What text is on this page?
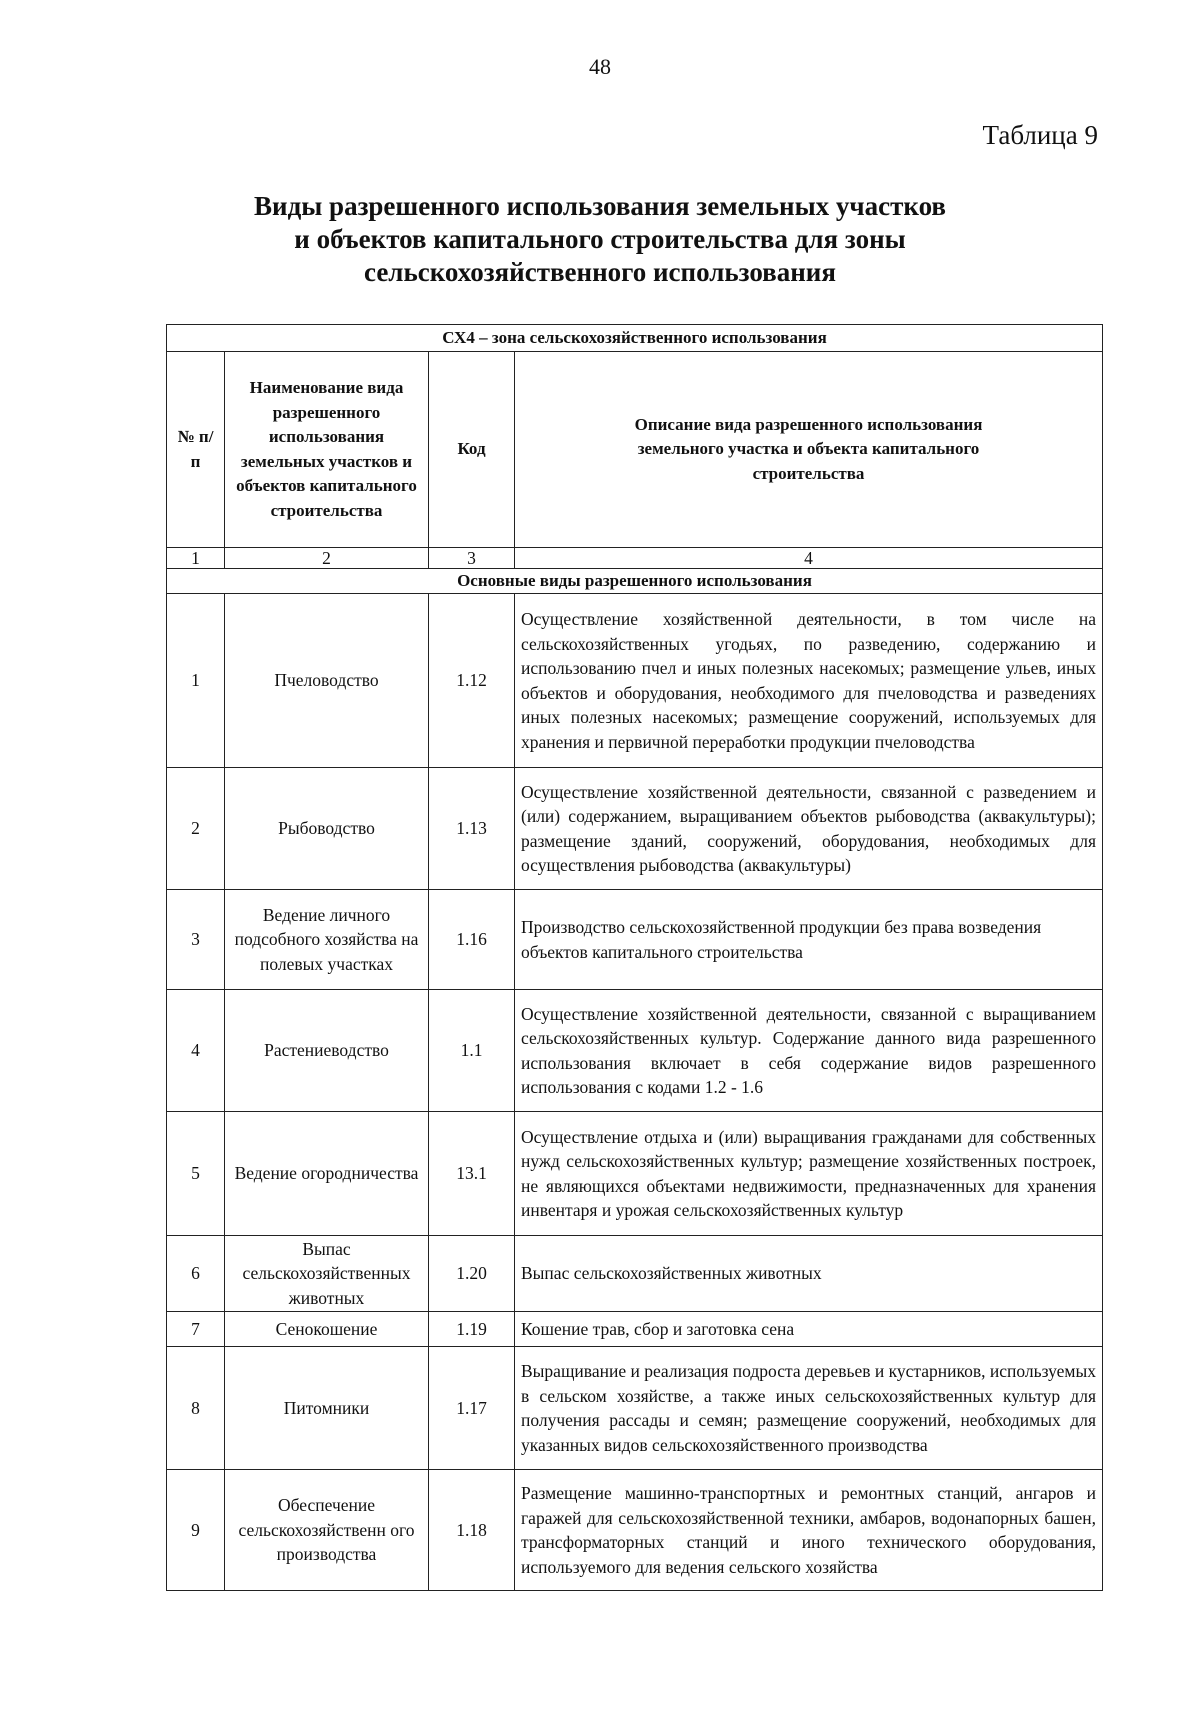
48
Таблица 9
Виды разрешенного использования земельных участков
и объектов капитального строительства для зоны
сельскохозяйственного использования
СХ4 – зона сельскохозяйственного использования			
№ п/п	Наименование вида разрешенного использования земельных участков и объектов капитального строительства	Код	Описание вида разрешенного использования земельного участка и объекта капитального строительства
1	2	3	4
Основные виды разрешенного использования			
1	Пчеловодство	1.12	Осуществление хозяйственной деятельности, в том числе на сельскохозяйственных угодьях, по разведению, содержанию и использованию пчел и иных полезных насекомых; размещение ульев, иных объектов и оборудования, необходимого для пчеловодства и разведениях иных полезных насекомых; размещение сооружений, используемых для хранения и первичной переработки продукции пчеловодства
2	Рыбоводство	1.13	Осуществление хозяйственной деятельности, связанной с разведением и (или) содержанием, выращиванием объектов рыбоводства (аквакультуры); размещение зданий, сооружений, оборудования, необходимых для осуществления рыбоводства (аквакультуры)
3	Ведение личного подсобного хозяйства на полевых участках	1.16	Производство сельскохозяйственной продукции без права возведения объектов капитального строительства
4	Растениеводство	1.1	Осуществление хозяйственной деятельности, связанной с выращиванием сельскохозяйственных культур. Содержание данного вида разрешенного использования включает в себя содержание видов разрешенного использования с кодами 1.2 - 1.6
5	Ведение огородничества	13.1	Осуществление отдыха и (или) выращивания гражданами для собственных нужд сельскохозяйственных культур; размещение хозяйственных построек, не являющихся объектами недвижимости, предназначенных для хранения инвентаря и урожая сельскохозяйственных культур
6	Выпас сельскохозяйственных животных	1.20	Выпас сельскохозяйственных животных
7	Сенокошение	1.19	Кошение трав, сбор и заготовка сена
8	Питомники	1.17	Выращивание и реализация подроста деревьев и кустарников, используемых в сельском хозяйстве, а также иных сельскохозяйственных культур для получения рассады и семян; размещение сооружений, необходимых для указанных видов сельскохозяйственного производства
9	Обеспечение сельскохозяйственн ого производства	1.18	Размещение машинно-транспортных и ремонтных станций, ангаров и гаражей для сельскохозяйственной техники, амбаров, водонапорных башен, трансформаторных станций и иного технического оборудования, используемого для ведения сельского хозяйства
